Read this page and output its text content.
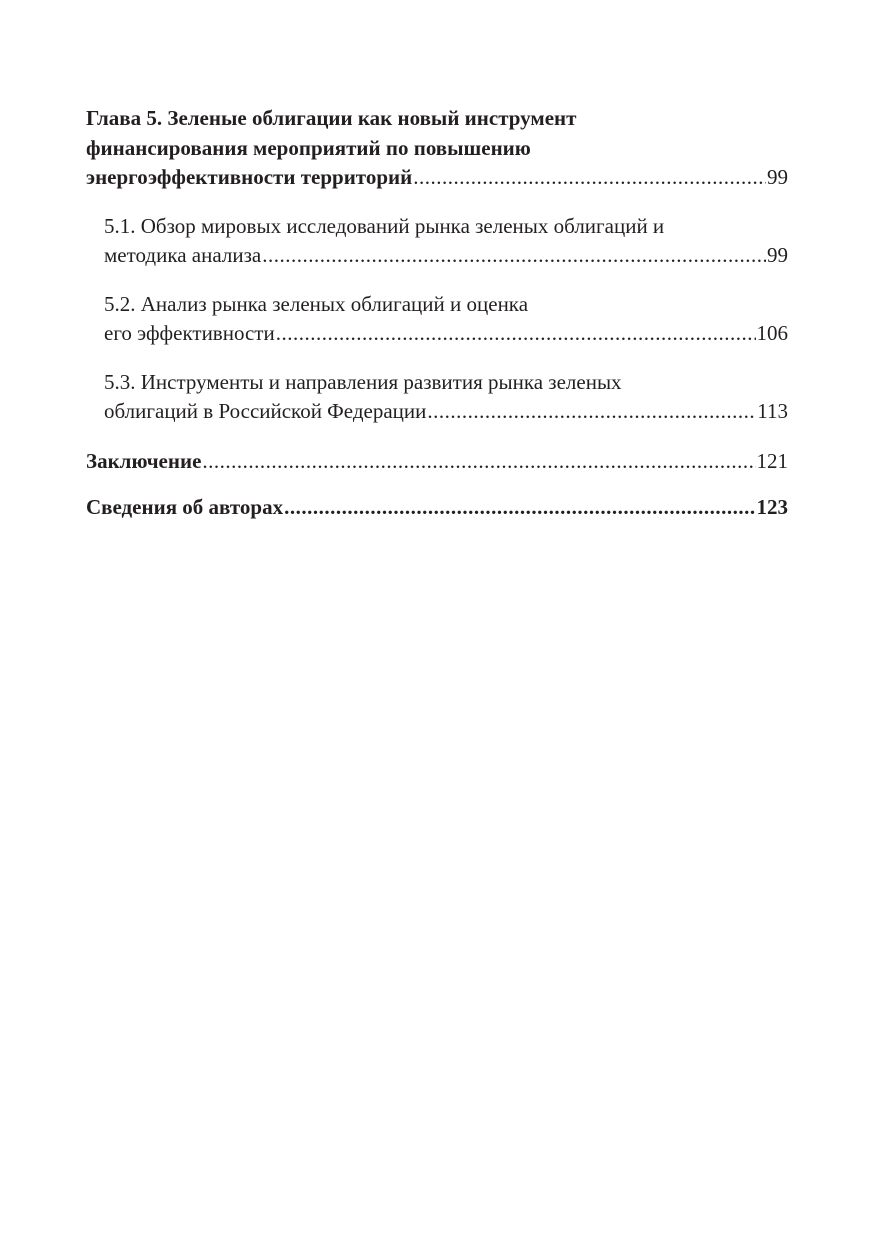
Глава 5. Зеленые облигации как новый инструмент
финансирования мероприятий по повышению
энергоэффективности территорий .....	99
5.1. Обзор мировых исследований рынка зеленых облигаций и
методика анализа .....	99
5.2. Анализ рынка зеленых облигаций и оценка
его эффективности .....	106
5.3. Инструменты и направления развития рынка зеленых
облигаций в Российской Федерации .....	113
Заключение .....	121
Сведения об авторах .....	123
